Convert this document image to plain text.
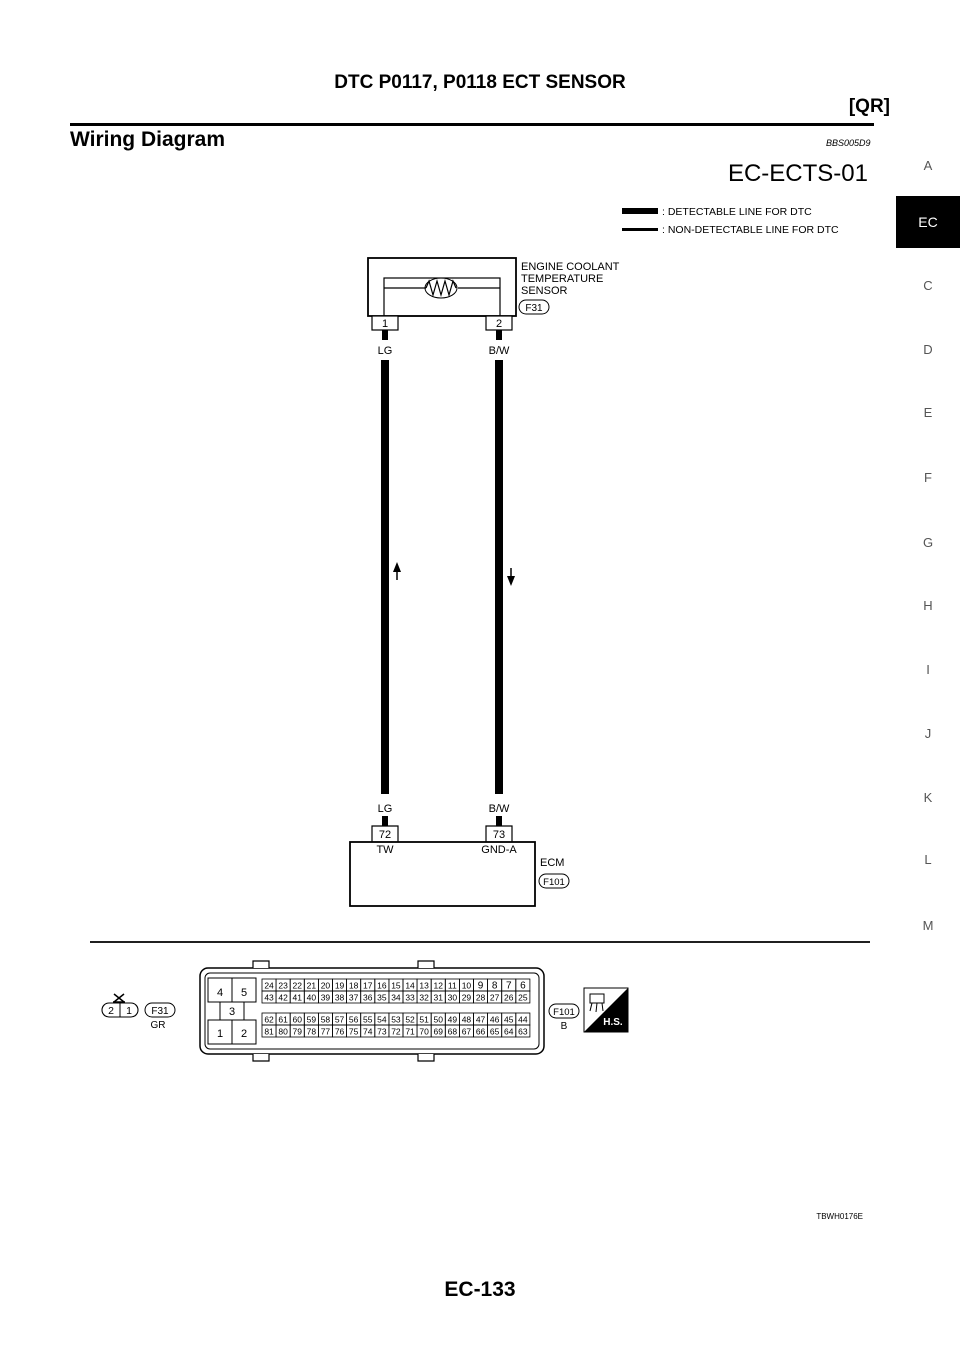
DTC P0117, P0118 ECT SENSOR
[QR]
Wiring Diagram	BBS005D9
A
EC
C
D
E
F
G
H
I
J
K
L
M
EC-ECTS-01
: DETECTABLE LINE FOR DTC
: NON-DETECTABLE LINE FOR DTC
ENGINE COOLANT
TEMPERATURE
SENSOR
F31
1	2
LG	B/W
LG	B/W
72	73
TW	GND-A
ECM
F101
2 1 F31
GR
4 5
3
1 2
24 23 22 21 20 19 18 17 16 15 14 13 12 11 10 9 8 7 6
43 42 41 40 39 38 37 36 35 34 33 32 31 30 29 28 27 26 25
62 61 60 59 58 57 56 55 54 53 52 51 50 49 48 47 46 45 44
81 80 79 78 77 76 75 74 73 72 71 70 69 68 67 66 65 64 63
F101
B	H.S.
TBWH0176E
EC-133
